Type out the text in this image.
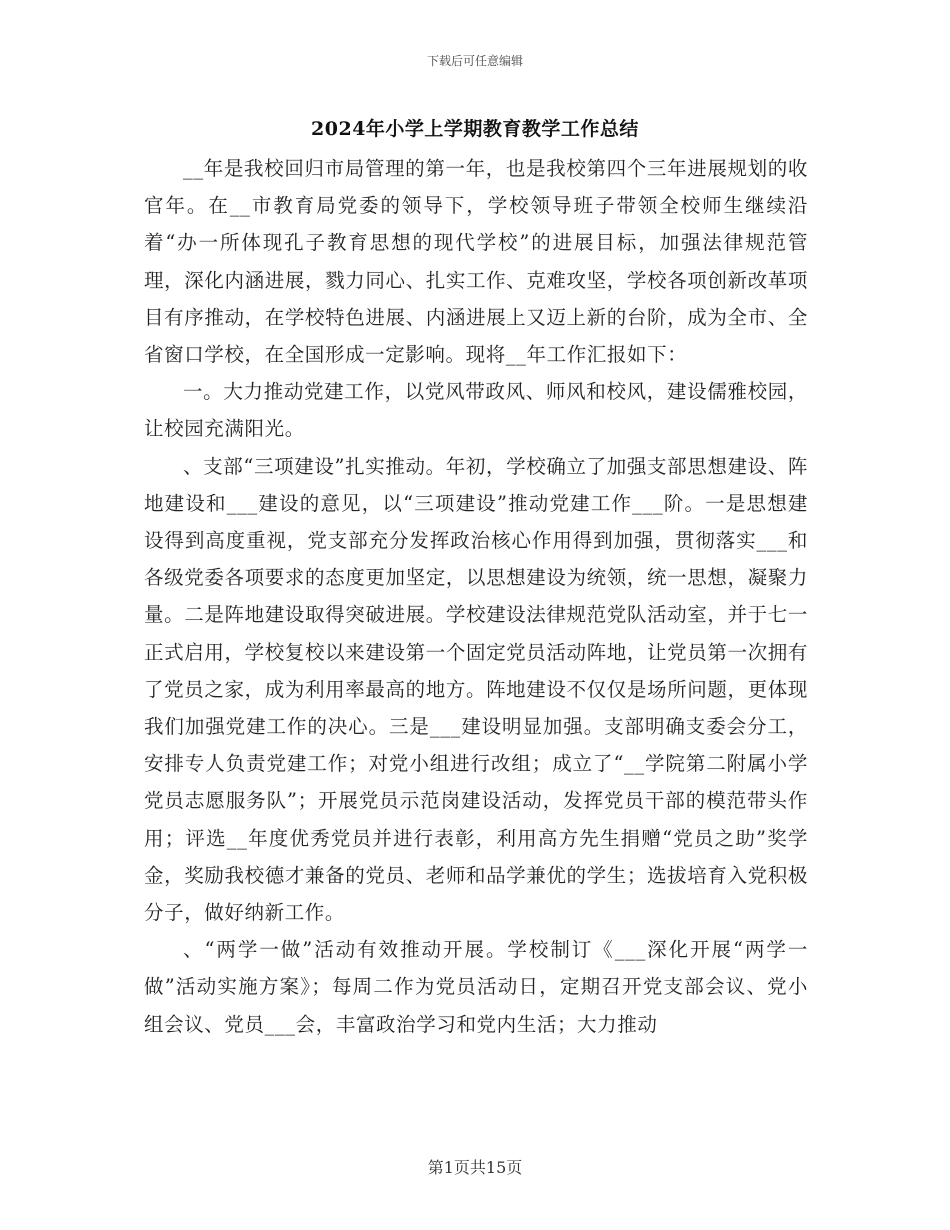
下载后可任意编辑
2024年小学上学期教育教学工作总结

__年是我校回归市局管理的第一年，也是我校第四个三年进展规划的收官年。在__市教育局党委的领导下，学校领导班子带领全校师生继续沿着“办一所体现孔子教育思想的现代学校”的进展目标，加强法律规范管理，深化内涵进展，戮力同心、扎实工作、克难攻坚，学校各项创新改革项目有序推动，在学校特色进展、内涵进展上又迈上新的台阶，成为全市、全省窗口学校，在全国形成一定影响。现将__年工作汇报如下：

一。大力推动党建工作，以党风带政风、师风和校风，建设儒雅校园，让校园充满阳光。

、支部“三项建设”扎实推动。年初，学校确立了加强支部思想建设、阵地建设和___建设的意见，以“三项建设”推动党建工作___阶。一是思想建设得到高度重视，党支部充分发挥政治核心作用得到加强，贯彻落实___和各级党委各项要求的态度更加坚定，以思想建设为统领，统一思想，凝聚力量。二是阵地建设取得突破进展。学校建设法律规范党队活动室，并于七一正式启用，学校复校以来建设第一个固定党员活动阵地，让党员第一次拥有了党员之家，成为利用率最高的地方。阵地建设不仅仅是场所问题，更体现我们加强党建工作的决心。三是___建设明显加强。支部明确支委会分工，安排专人负责党建工作；对党小组进行改组；成立了“__学院第二附属小学党员志愿服务队”；开展党员示范岗建设活动，发挥党员干部的模范带头作用；评选__年度优秀党员并进行表彰，利用高方先生捐赠“党员之助”奖学金，奖励我校德才兼备的党员、老师和品学兼优的学生；选拔培育入党积极分子，做好纳新工作。

、“两学一做”活动有效推动开展。学校制订《___深化开展“两学一做”活动实施方案》；每周二作为党员活动日，定期召开党支部会议、党小组会议、党员___会，丰富政治学习和党内生活；大力推动

第1页共15页
